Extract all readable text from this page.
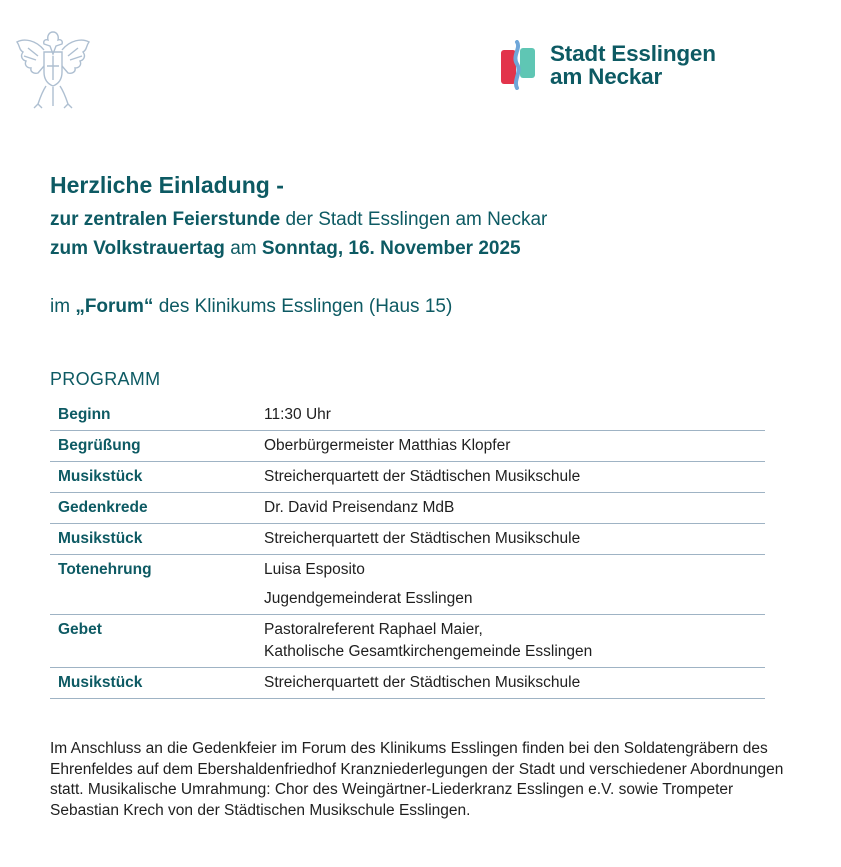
Stadt Esslingen
am Neckar
Herzliche Einladung -
zur zentralen Feierstunde der Stadt Esslingen am Neckar
zum Volkstrauertag am Sonntag, 16. November 2025
im „Forum“ des Klinikums Esslingen (Haus 15)
PROGRAMM
Beginn	11:30 Uhr
Begrüßung	Oberbürgermeister Matthias Klopfer
Musikstück	Streicherquartett der Städtischen Musikschule
Gedenkrede	Dr. David Preisendanz MdB
Musikstück	Streicherquartett der Städtischen Musikschule
Totenehrung	Luisa Esposito
Jugendgemeinderat Esslingen

Gebet	Pastoralreferent Raphael Maier,
Katholische Gesamtkirchengemeinde Esslingen

Musikstück	Streicherquartett der Städtischen Musikschule
Im Anschluss an die Gedenkfeier im Forum des Klinikums Esslingen finden bei den Soldatengräbern des Ehrenfeldes auf dem Ebershaldenfriedhof Kranzniederlegungen der Stadt und verschiedener Abordnungen statt. Musikalische Umrahmung: Chor des Weingärtner-Liederkranz Esslingen e.V. sowie Trompeter Sebastian Krech von der Städtischen Musikschule Esslingen.
